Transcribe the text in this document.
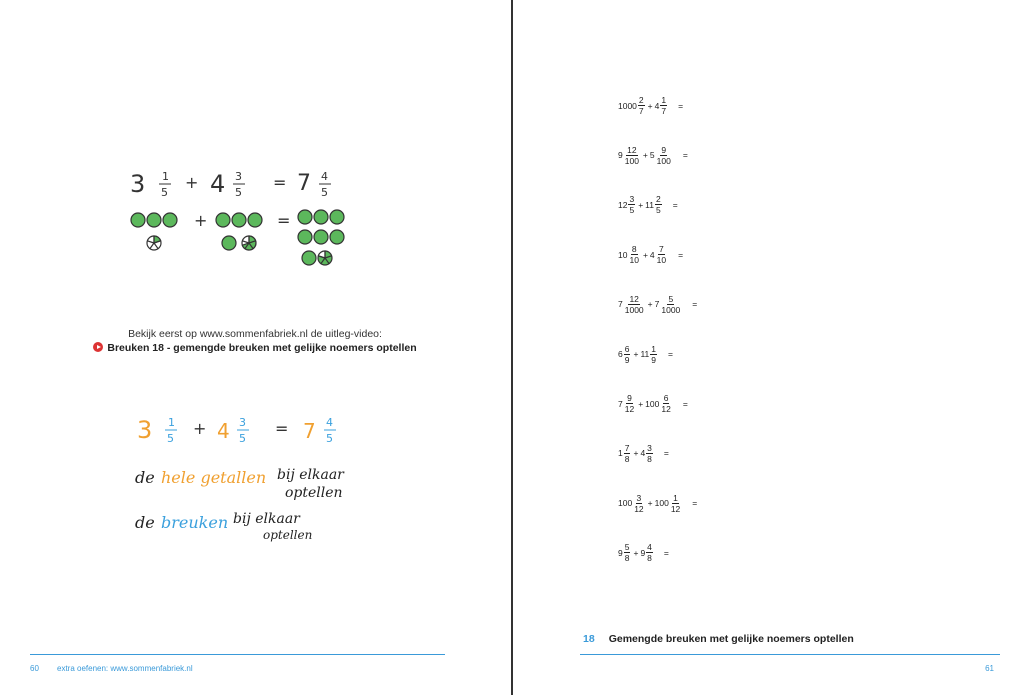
3 1
5
+ 4 3
5
= 7 4
5
+	=
Bekijk eerst op www.sommenfabriek.nl de uitleg-video:
Breuken 18 - gemengde breuken met gelijke noemers optellen
3 1
5
+ 4 3
5
= 7 4
5
de hele getallen bij elkaar
optellen
de breuken bij elkaar
optellen
60 extra oefenen: www.sommenfabriek.nl
$1000 \frac{2}{7} + 4 \frac{1}{7}$ =
$9 \frac{12}{100} + 5 \frac{9}{100}$ =
$12 \frac{3}{5} + 11 \frac{2}{5}$ =
$10 \frac{8}{10} + 4 \frac{7}{10}$ =
$7 \frac{12}{1000} + 7 \frac{5}{1000}$ =
$6 \frac{6}{9} + 11 \frac{1}{9}$ =
$7 \frac{9}{12} + 100 \frac{6}{12}$ =
$1 \frac{7}{8} + 4 \frac{3}{8}$ =
$100 \frac{3}{12} + 100 \frac{1}{12}$ =
$9 \frac{5}{8} + 9 \frac{4}{8}$ =
18 Gemengde breuken met gelijke noemers optellen
61
